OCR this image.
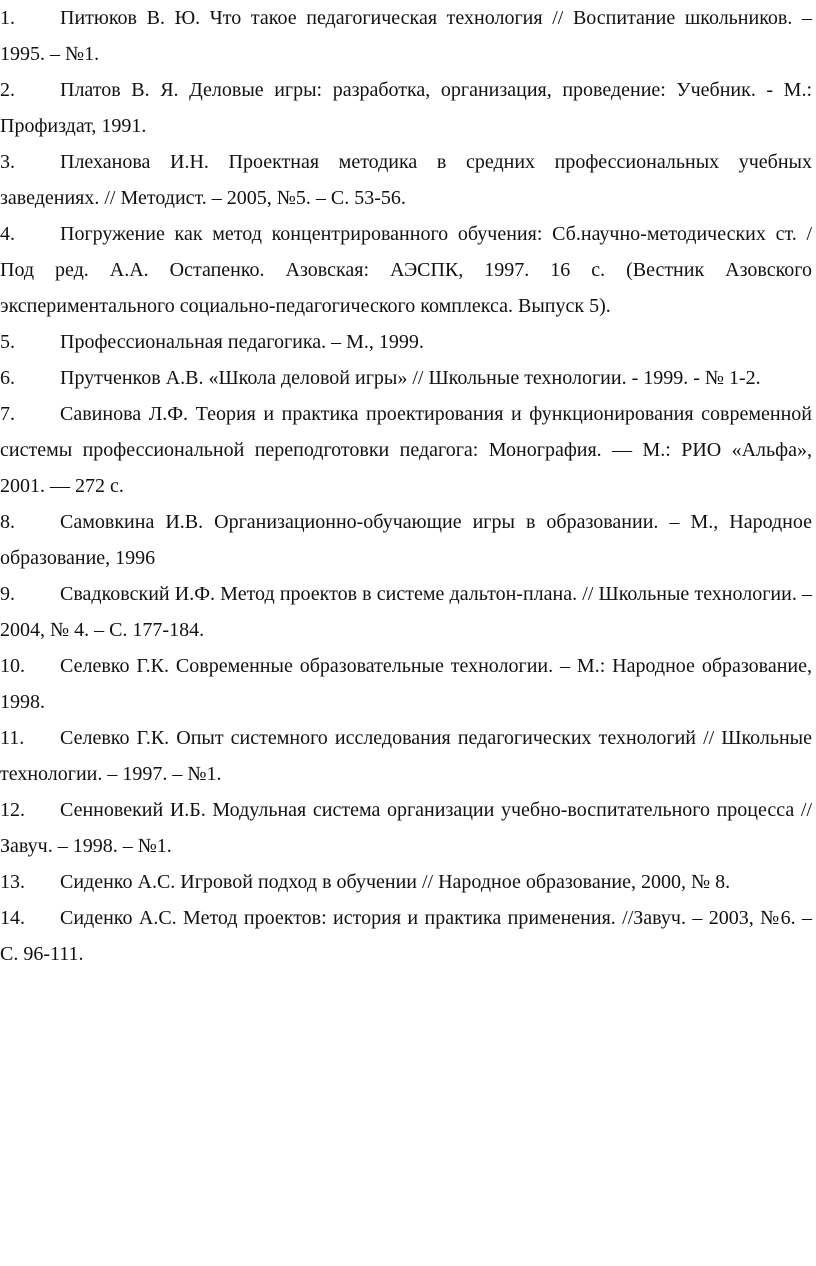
1. Питюков В. Ю. Что такое педагогическая технология // Воспитание школьников. – 1995. – №1.
2. Платов В. Я. Деловые игры: разработка, организация, проведение: Учебник. - М.: Профиздат, 1991.
3. Плеханова И.Н. Проектная методика в средних профессиональных учебных заведениях. // Методист. – 2005, №5. – С. 53-56.
4. Погружение как метод концентрированного обучения: Сб.научно-методических ст. / Под ред. А.А. Остапенко. Азовская: АЭСПК, 1997. 16 с. (Вестник Азовского экспериментального социально-педагогического комплекса. Выпуск 5).
5. Профессиональная педагогика. – М., 1999.
6. Прутченков А.В. «Школа деловой игры» // Школьные технологии. - 1999. - № 1-2.
7. Савинова Л.Ф. Теория и практика проектирования и функционирования современной системы профессиональной переподготовки педагога: Монография. — М.: РИО «Альфа», 2001. — 272 с.
8. Самовкина И.В. Организационно-обучающие игры в образовании. – М., Народное образование, 1996
9. Свадковский И.Ф. Метод проектов в системе дальтон-плана. // Школьные технологии. – 2004, № 4. – С. 177-184.
10. Селевко Г.К. Современные образовательные технологии. – М.: Народное образование, 1998.
11. Селевко Г.К. Опыт системного исследования педагогических технологий // Школьные технологии. – 1997. – №1.
12. Сенновекий И.Б. Модульная система организации учебно-воспитательного процесса // Завуч. – 1998. – №1.
13. Сиденко А.С. Игровой подход в обучении // Народное образование, 2000, № 8.
14. Сиденко А.С. Метод проектов: история и практика применения. //Завуч. – 2003, №6. – С. 96-111.
